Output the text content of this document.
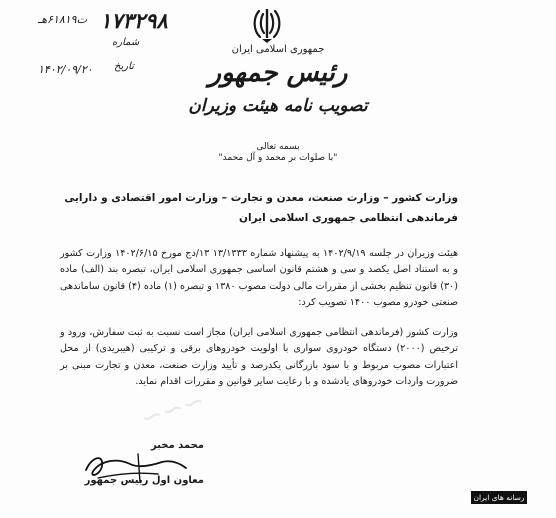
۱۷۳۲۹۸
ت۶۱۸۱۹هـ
شماره
تاریخ
۱۴۰۲/۰۹/۲۰
جمهوری اسلامی ایران
رئیس جمهور
تصویب نامه هیئت وزیران
بسمه تعالی
"با صلوات بر محمد و آل محمد"
وزارت کشور – وزارت صنعت، معدن و تجارت – وزارت امور اقتصادی و دارایی
فرماندهی انتظامی جمهوری اسلامی ایران
هیئت وزیران در جلسه ۱۴۰۲/۹/۱۹ به پیشنهاد شماره ۱۳/۱۳۳۳ ۱۳/دج مورخ ۱۴۰۲/۶/۱۵ وزارت کشور و به استناد اصل یکصد و سی و هشتم قانون اساسی جمهوری اسلامی ایران، تبصره بند (الف) ماده (۳۰) قانون تنظیم بخشی از مقررات مالی دولت مصوب ۱۳۸۰ و تبصره (۱) ماده (۴) قانون ساماندهی صنعتی خودرو مصوب ۱۴۰۰ تصویب کرد:
وزارت کشور (فرماندهی انتظامی جمهوری اسلامی ایران) مجاز است نسبت به ثبت سفارش، ورود و ترخیص (۲۰۰۰) دستگاه خودروی سواری با اولویت خودروهای برقی و ترکیبی (هیبریدی) از محل اعتبارات مصوب مربوط و با سود بازرگانی یکدرصد و تأیید وزارت صنعت، معدن و تجارت مبنی بر ضرورت واردات خودروهای یادشده و با رعایت سایر قوانین و مقررات اقدام نماید.
∽∽∽
محمد مخبر
معاون اول رییس جمهور
رسانه های ایران
